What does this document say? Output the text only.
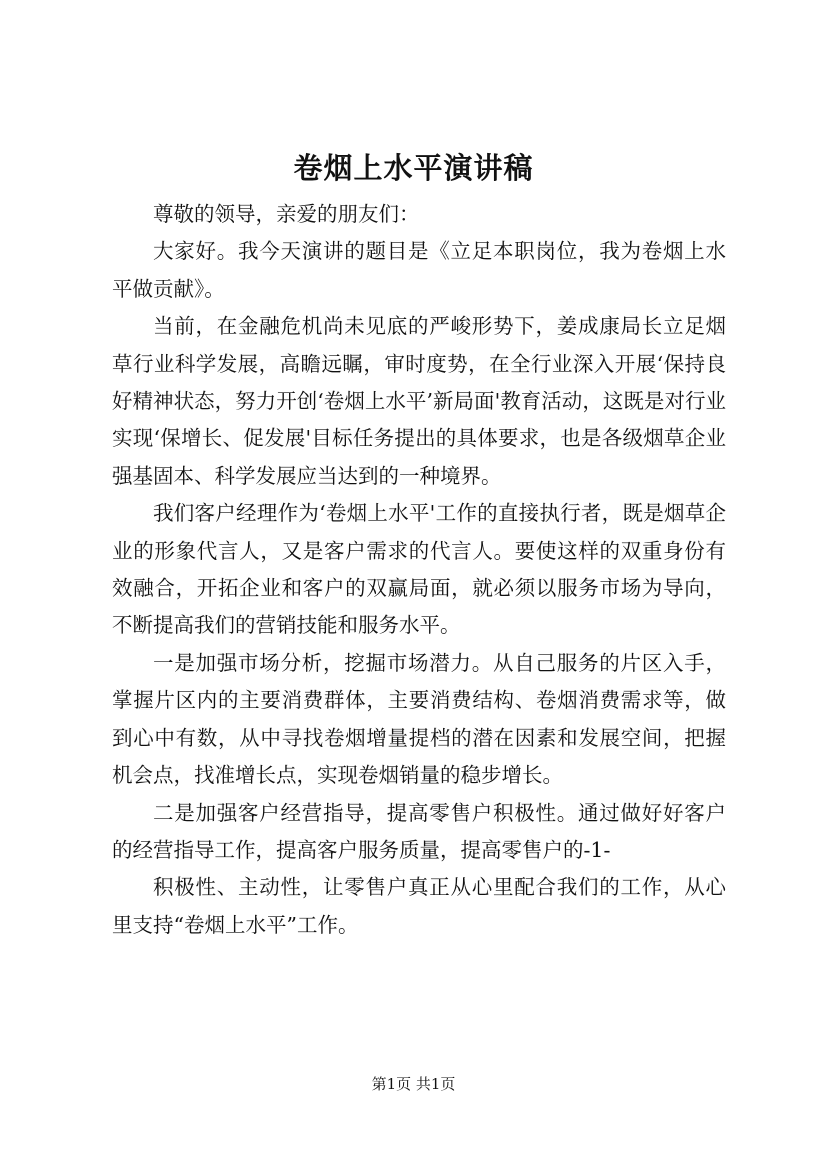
卷烟上水平演讲稿

尊敬的领导，亲爱的朋友们：

大家好。我今天演讲的题目是《立足本职岗位，我为卷烟上水平做贡献》。

当前，在金融危机尚未见底的严峻形势下，姜成康局长立足烟草行业科学发展，高瞻远瞩，审时度势，在全行业深入开展‘保持良好精神状态，努力开创‘卷烟上水平’新局面'教育活动，这既是对行业实现‘保增长、促发展'目标任务提出的具体要求，也是各级烟草企业强基固本、科学发展应当达到的一种境界。

我们客户经理作为‘卷烟上水平'工作的直接执行者，既是烟草企业的形象代言人，又是客户需求的代言人。要使这样的双重身份有效融合，开拓企业和客户的双赢局面，就必须以服务市场为导向，不断提高我们的营销技能和服务水平。

一是加强市场分析，挖掘市场潜力。从自己服务的片区入手，掌握片区内的主要消费群体，主要消费结构、卷烟消费需求等，做到心中有数，从中寻找卷烟增量提档的潜在因素和发展空间，把握机会点，找准增长点，实现卷烟销量的稳步增长。

二是加强客户经营指导，提高零售户积极性。通过做好好客户的经营指导工作，提高客户服务质量，提高零售户的-1-

积极性、主动性，让零售户真正从心里配合我们的工作，从心里支持“卷烟上水平”工作。

第1页 共1页
